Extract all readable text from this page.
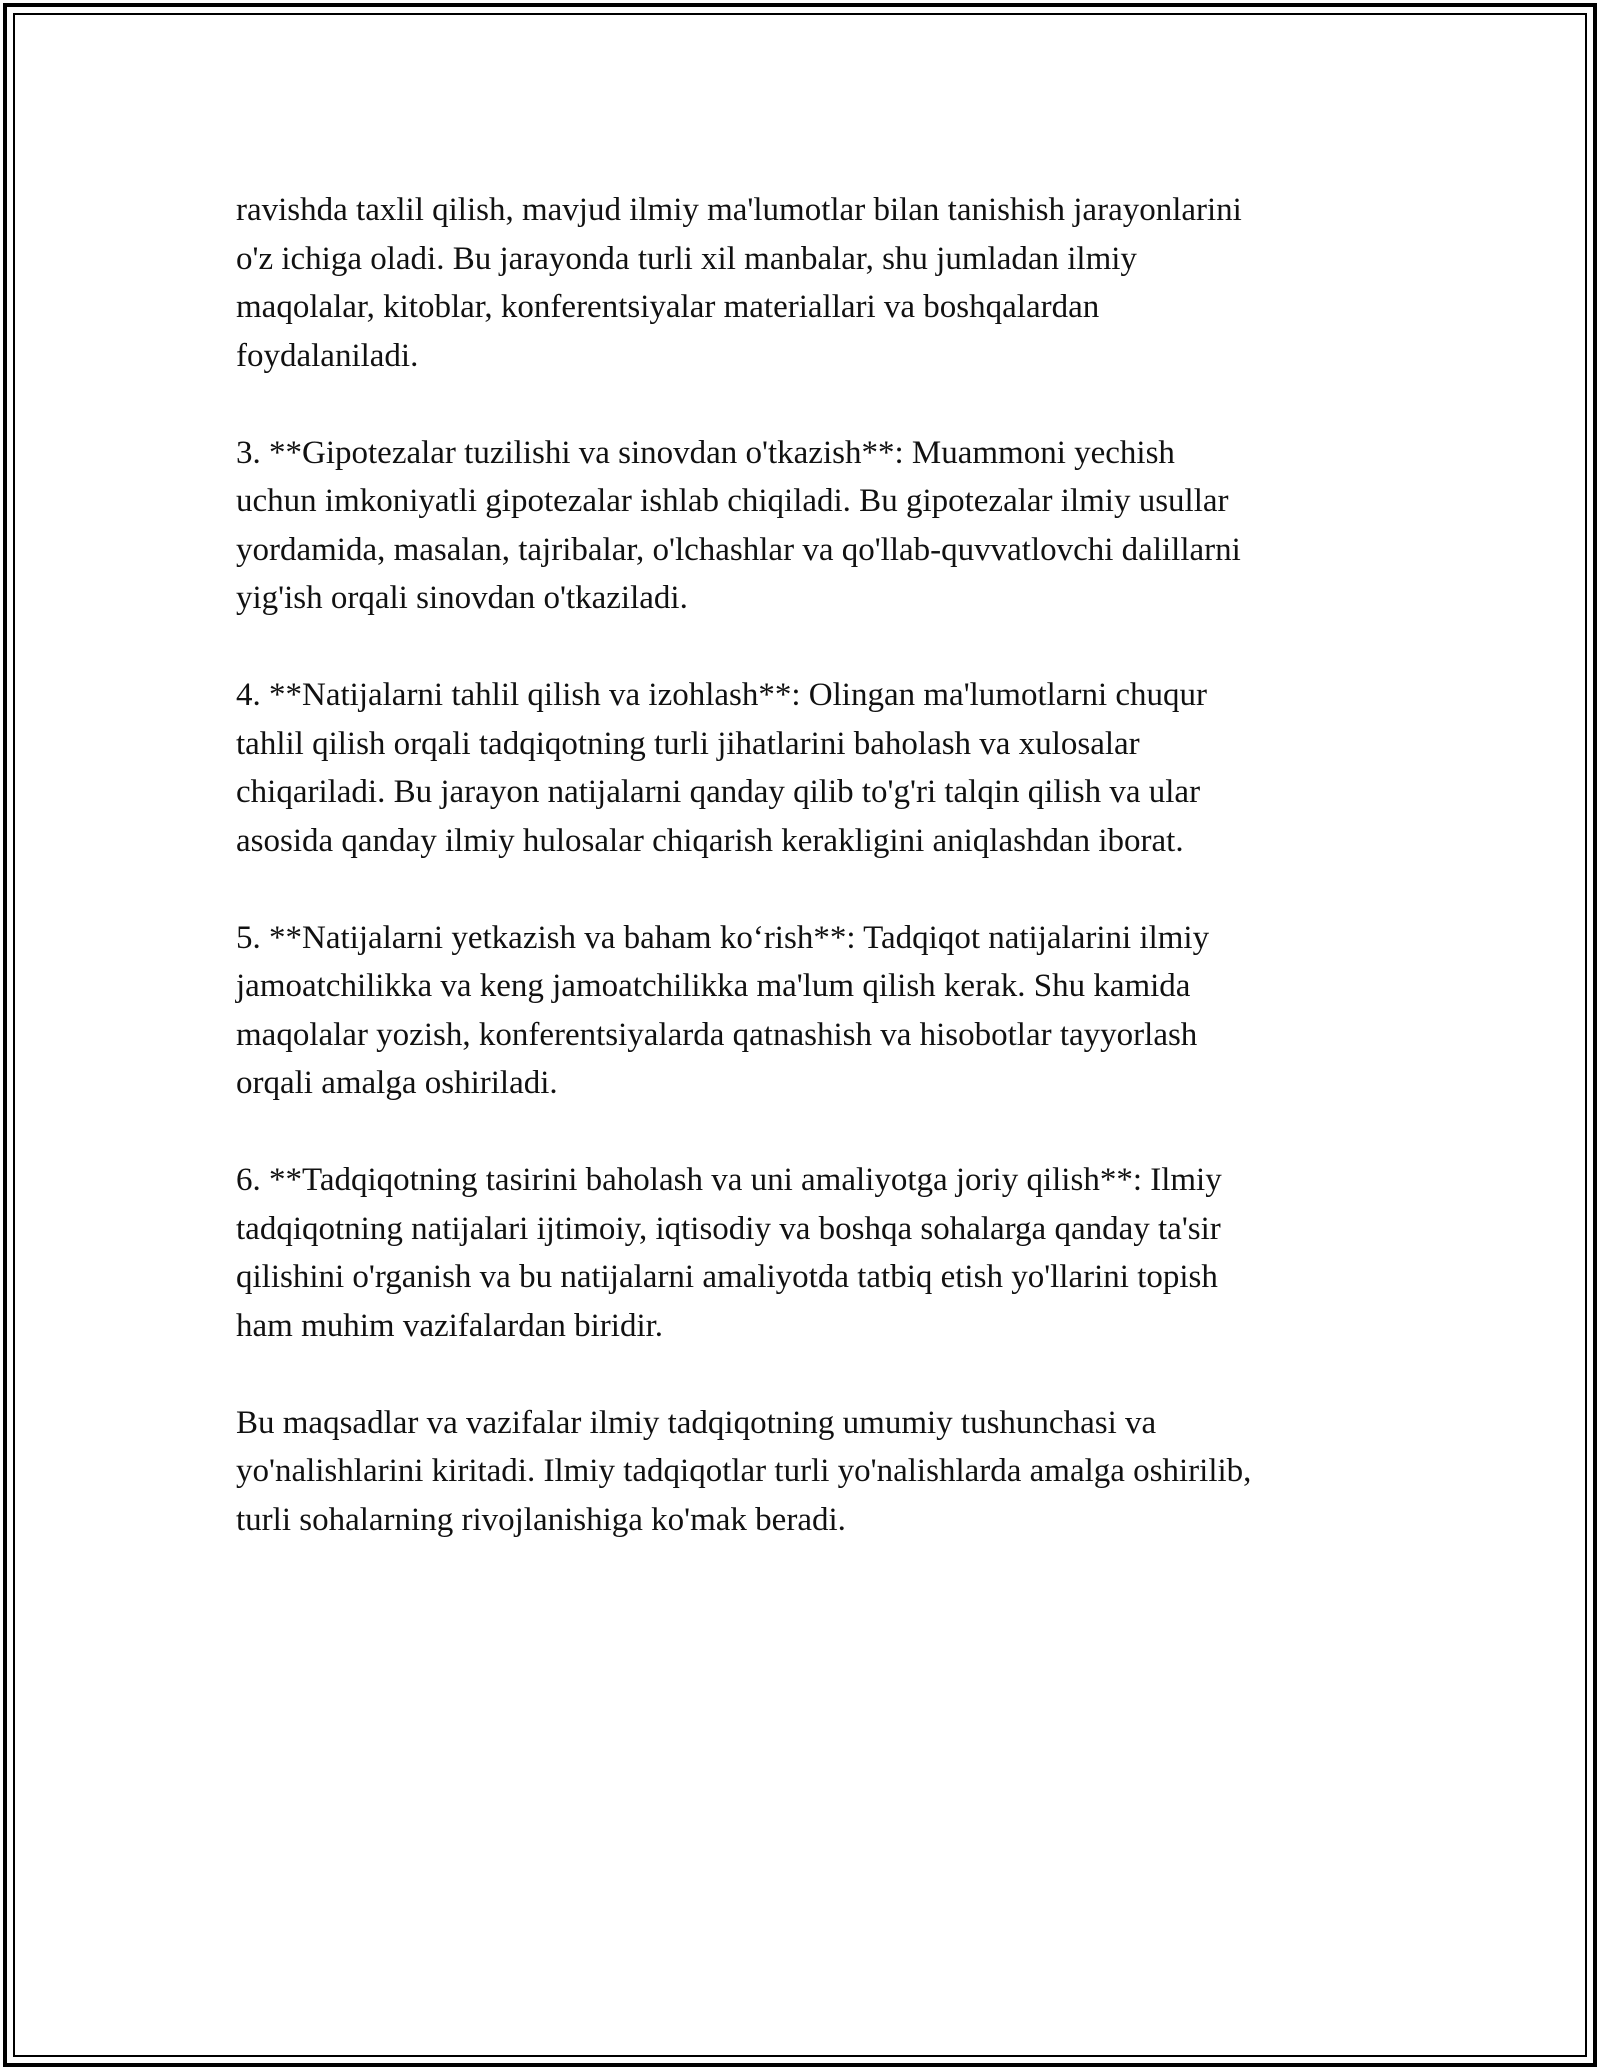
ravishda taxlil qilish, mavjud ilmiy ma'lumotlar bilan tanishish jarayonlarini
o'z ichiga oladi. Bu jarayonda turli xil manbalar, shu jumladan ilmiy
maqolalar, kitoblar, konferentsiyalar materiallari va boshqalardan
foydalaniladi.

3. **Gipotezalar tuzilishi va sinovdan o'tkazish**: Muammoni yechish
uchun imkoniyatli gipotezalar ishlab chiqiladi. Bu gipotezalar ilmiy usullar
yordamida, masalan, tajribalar, o'lchashlar va qo'llab-quvvatlovchi dalillarni
yig'ish orqali sinovdan o'tkaziladi.

4. **Natijalarni tahlil qilish va izohlash**: Olingan ma'lumotlarni chuqur
tahlil qilish orqali tadqiqotning turli jihatlarini baholash va xulosalar
chiqariladi. Bu jarayon natijalarni qanday qilib to'g'ri talqin qilish va ular
asosida qanday ilmiy hulosalar chiqarish kerakligini aniqlashdan iborat.

5. **Natijalarni yetkazish va baham ko‘rish**: Tadqiqot natijalarini ilmiy
jamoatchilikka va keng jamoatchilikka ma'lum qilish kerak. Shu kamida
maqolalar yozish, konferentsiyalarda qatnashish va hisobotlar tayyorlash
orqali amalga oshiriladi.

6. **Tadqiqotning tasirini baholash va uni amaliyotga joriy qilish**: Ilmiy
tadqiqotning natijalari ijtimoiy, iqtisodiy va boshqa sohalarga qanday ta'sir
qilishini o'rganish va bu natijalarni amaliyotda tatbiq etish yo'llarini topish
ham muhim vazifalardan biridir.

Bu maqsadlar va vazifalar ilmiy tadqiqotning umumiy tushunchasi va
yo'nalishlarini kiritadi. Ilmiy tadqiqotlar turli yo'nalishlarda amalga oshirilib,
turli sohalarning rivojlanishiga ko'mak beradi.
